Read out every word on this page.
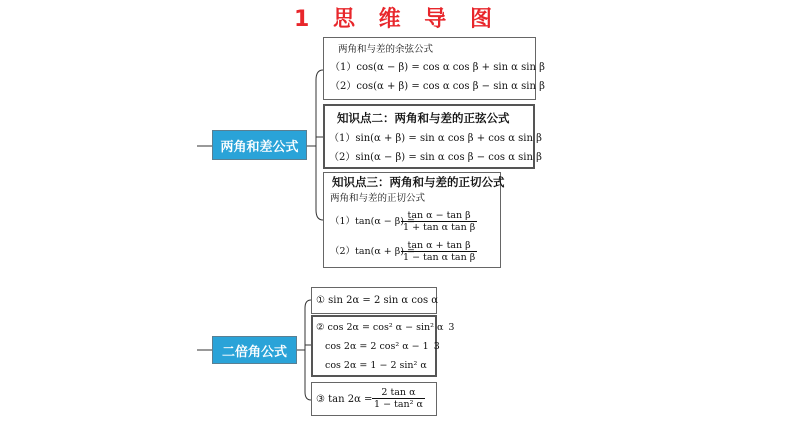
1 思 维 导 图
两角和差公式
二倍角公式
两角和与差的余弦公式
（1）cos(α − β) = cos α cos β + sin α sin β
（2）cos(α + β) = cos α cos β − sin α sin β
知识点二：两角和与差的正弦公式
（1）sin(α + β) = sin α cos β + cos α sin β
（2）sin(α − β) = sin α cos β − cos α sin β
知识点三：两角和与差的正切公式
两角和与差的正切公式
（1）tan(α − β) =
$\frac{\text{tan α − tan β}}{\text{1 + tan α tan β}}$
（2）tan(α + β) =
$\frac{\text{tan α + tan β}}{\text{1 − tan α tan β}}$
① sin 2α = 2 sin α cos α
② cos 2α = cos² α − sin² α 3
cos 2α = 2 cos² α − 1 3
cos 2α = 1 − 2 sin² α
③ $\tan 2\alpha = \frac{\text{2 tan α}}{\text{1 − tan² α}}$
